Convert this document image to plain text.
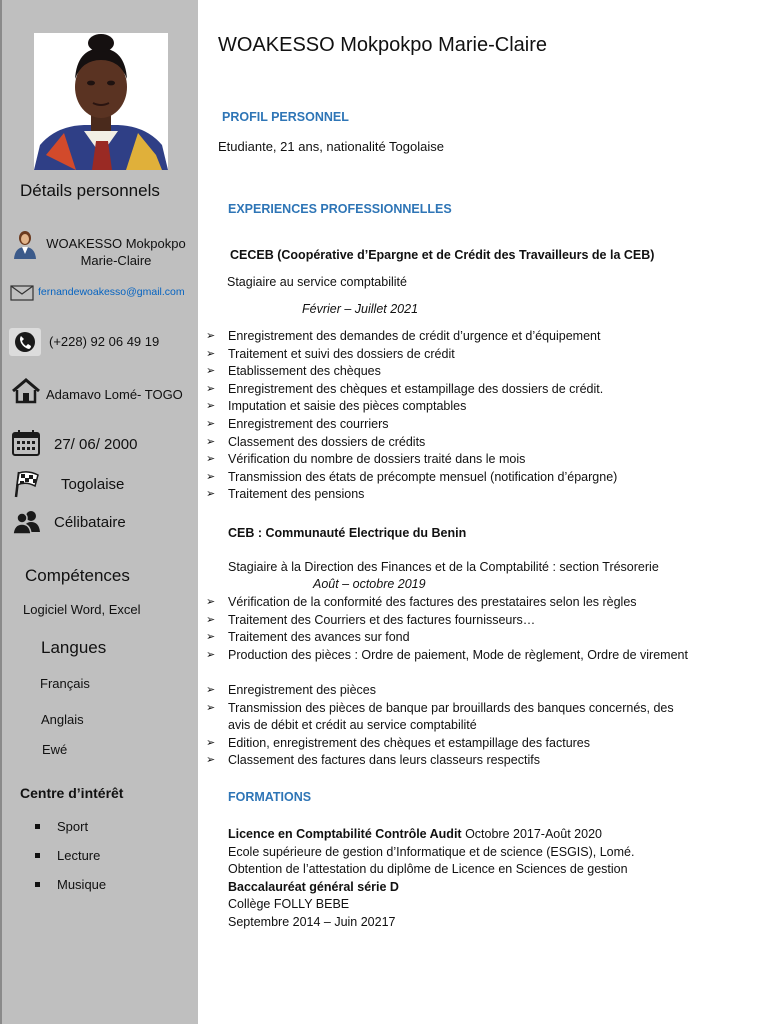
Détails personnels
WOAKESSO Mokpokpo Marie-Claire
fernandewoakesso@gmail.com
(+228) 92 06 49 19
Adamavo Lomé- TOGO
27/ 06/ 2000
Togolaise
Célibataire
Compétences
Logiciel Word, Excel
Langues
Français
Anglais
Ewé
Centre d’intérêt
Sport
Lecture
Musique
WOAKESSO Mokpokpo Marie-Claire
PROFIL PERSONNEL
Etudiante, 21 ans, nationalité Togolaise
EXPERIENCES PROFESSIONNELLES
CECEB (Coopérative d’Epargne et de Crédit des Travailleurs de la CEB)
Stagiaire au service comptabilité
Février – Juillet 2021
➢	Enregistrement des demandes de crédit d’urgence et d’équipement
➢	Traitement et suivi des dossiers de crédit
➢	Etablissement des chèques
➢	Enregistrement des chèques et estampillage des dossiers de crédit.
➢	Imputation et saisie des pièces comptables
➢	Enregistrement des courriers
➢	Classement des dossiers de crédits
➢	Vérification du nombre de dossiers traité dans le mois
➢	Transmission des états de précompte mensuel (notification d’épargne)
➢	Traitement des pensions
CEB : Communauté Electrique du Benin
Stagiaire à la Direction des Finances et de la Comptabilité : section Trésorerie
Août – octobre 2019
➢	Vérification de la conformité des factures des prestataires selon les règles
➢	Traitement des Courriers et des factures fournisseurs…
➢	Traitement des avances sur fond
➢	Production des pièces : Ordre de paiement, Mode de règlement, Ordre de virement
➢	Enregistrement des pièces
➢	Transmission des pièces de banque par brouillards des banques concernés, des avis de débit et crédit au service comptabilité
➢	Edition, enregistrement des chèques et estampillage des factures
➢	Classement des factures dans leurs classeurs respectifs
FORMATIONS
Licence en Comptabilité Contrôle Audit Octobre 2017-Août 2020
Ecole supérieure de gestion d’Informatique et de science (ESGIS), Lomé.
Obtention de l’attestation du diplôme de Licence en Sciences de gestion
Baccalauréat général série D
Collège FOLLY BEBE
Septembre 2014 – Juin 20217
